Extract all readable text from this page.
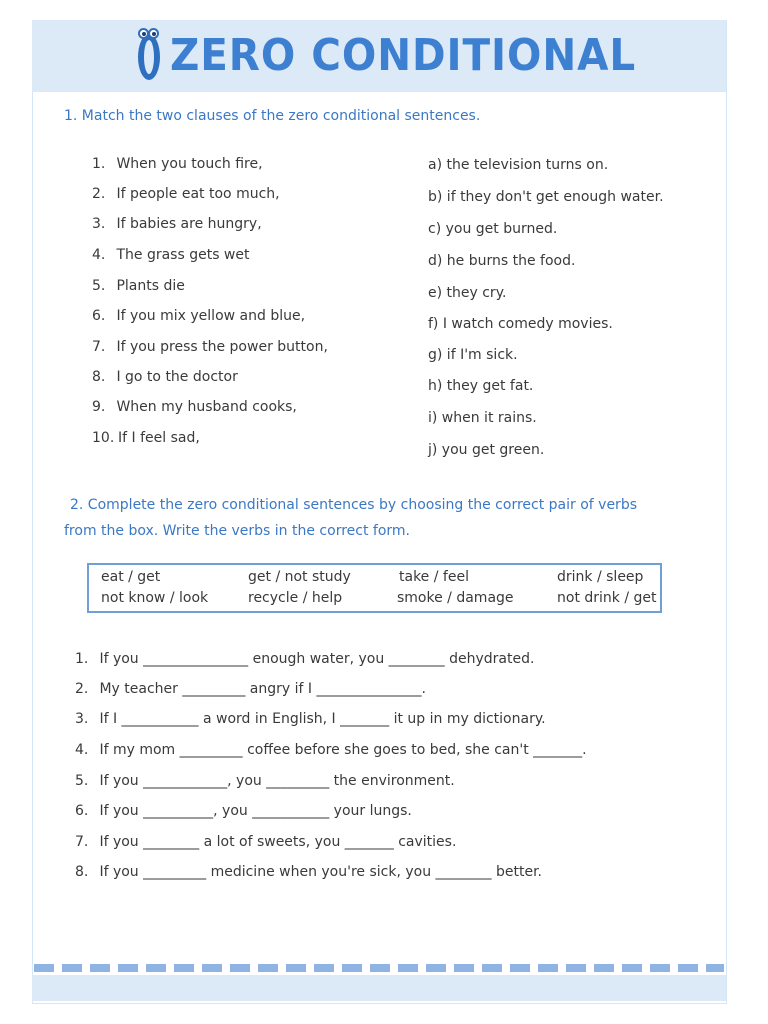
ZERO CONDITIONAL
1. Match the two clauses of the zero conditional sentences.
1. When you touch fire,
2. If people eat too much,
3. If babies are hungry,
4. The grass gets wet
5. Plants die
6. If you mix yellow and blue,
7. If you press the power button,
8. I go to the doctor
9. When my husband cooks,
10. If I feel sad,
a) the television turns on.
b) if they don't get enough water.
c) you get burned.
d) he burns the food.
e) they cry.
f) I watch comedy movies.
g) if I'm sick.
h) they get fat.
i) when it rains.
j) you get green.
2. Complete the zero conditional sentences by choosing the correct pair of verbs
from the box. Write the verbs in the correct form.
eat / get	get / not study	take / feel	drink / sleep
not know / look	recycle / help	smoke / damage	not drink / get
1. If you _______________ enough water, you ________ dehydrated.
2. My teacher _________ angry if I _______________.
3. If I ___________ a word in English, I _______ it up in my dictionary.
4. If my mom _________ coffee before she goes to bed, she can't _______.
5. If you ____________, you _________ the environment.
6. If you __________, you ___________ your lungs.
7. If you ________ a lot of sweets, you _______ cavities.
8. If you _________ medicine when you're sick, you ________ better.
